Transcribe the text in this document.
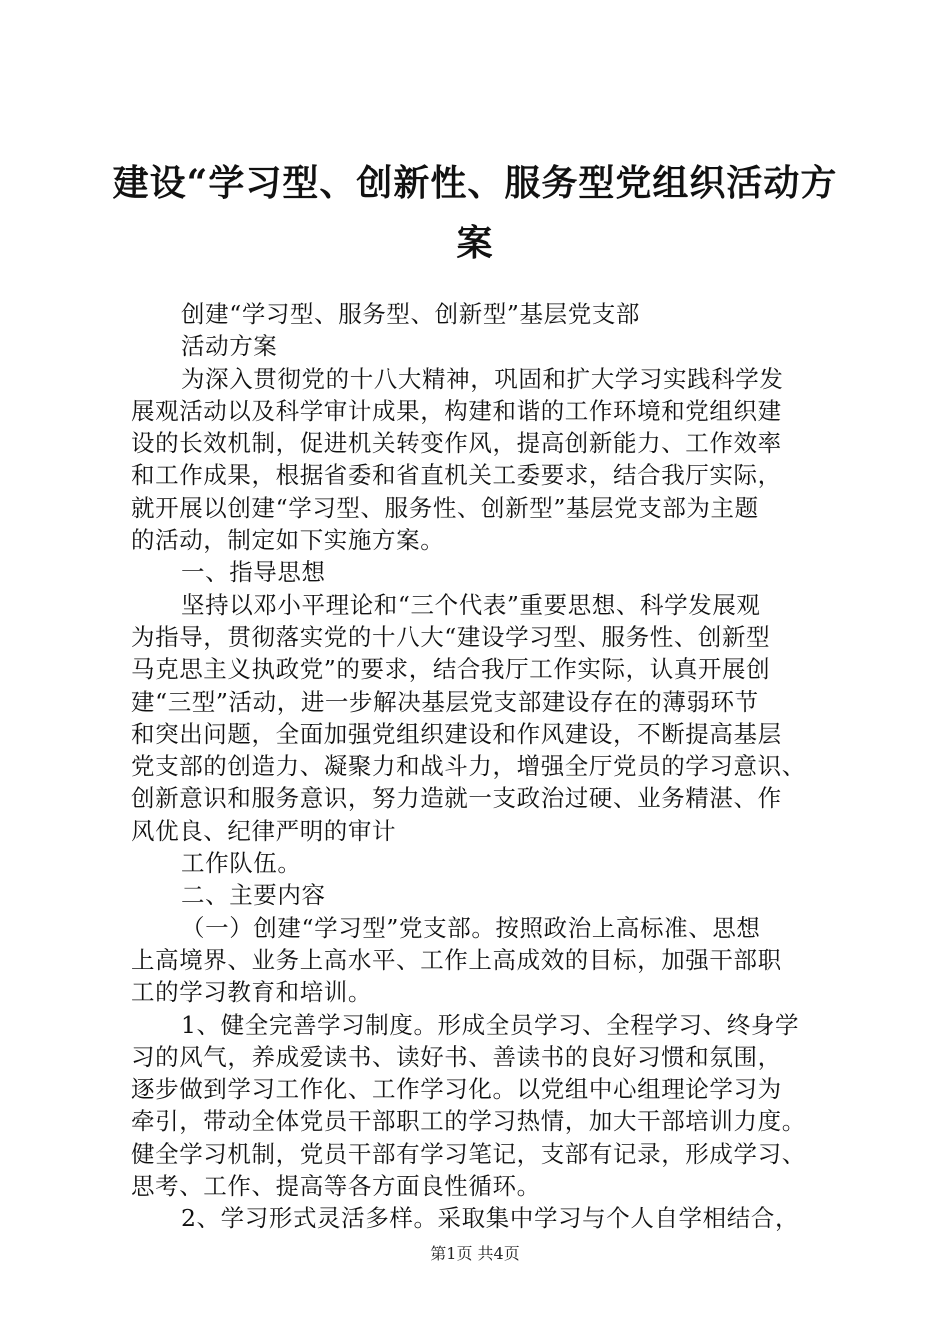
建设“学习型、创新性、服务型党组织活动方
案

创建“学习型、服务型、创新型”基层党支部

活动方案

为深入贯彻党的十八大精神，巩固和扩大学习实践科学发

展观活动以及科学审计成果，构建和谐的工作环境和党组织建

设的长效机制，促进机关转变作风，提高创新能力、工作效率

和工作成果，根据省委和省直机关工委要求，结合我厅实际，

就开展以创建“学习型、服务性、创新型”基层党支部为主题

的活动，制定如下实施方案。

一、指导思想

坚持以邓小平理论和“三个代表”重要思想、科学发展观

为指导，贯彻落实党的十八大“建设学习型、服务性、创新型

马克思主义执政党”的要求，结合我厅工作实际，认真开展创

建“三型”活动，进一步解决基层党支部建设存在的薄弱环节

和突出问题，全面加强党组织建设和作风建设，不断提高基层

党支部的创造力、凝聚力和战斗力，增强全厅党员的学习意识、

创新意识和服务意识，努力造就一支政治过硬、业务精湛、作

风优良、纪律严明的审计

工作队伍。

二、主要内容

（一）创建“学习型”党支部。按照政治上高标准、思想

上高境界、业务上高水平、工作上高成效的目标，加强干部职

工的学习教育和培训。

1、健全完善学习制度。形成全员学习、全程学习、终身学

习的风气，养成爱读书、读好书、善读书的良好习惯和氛围，

逐步做到学习工作化、工作学习化。以党组中心组理论学习为

牵引，带动全体党员干部职工的学习热情，加大干部培训力度。

健全学习机制，党员干部有学习笔记，支部有记录，形成学习、

思考、工作、提高等各方面良性循环。

2、学习形式灵活多样。采取集中学习与个人自学相结合，

第1页 共4页
